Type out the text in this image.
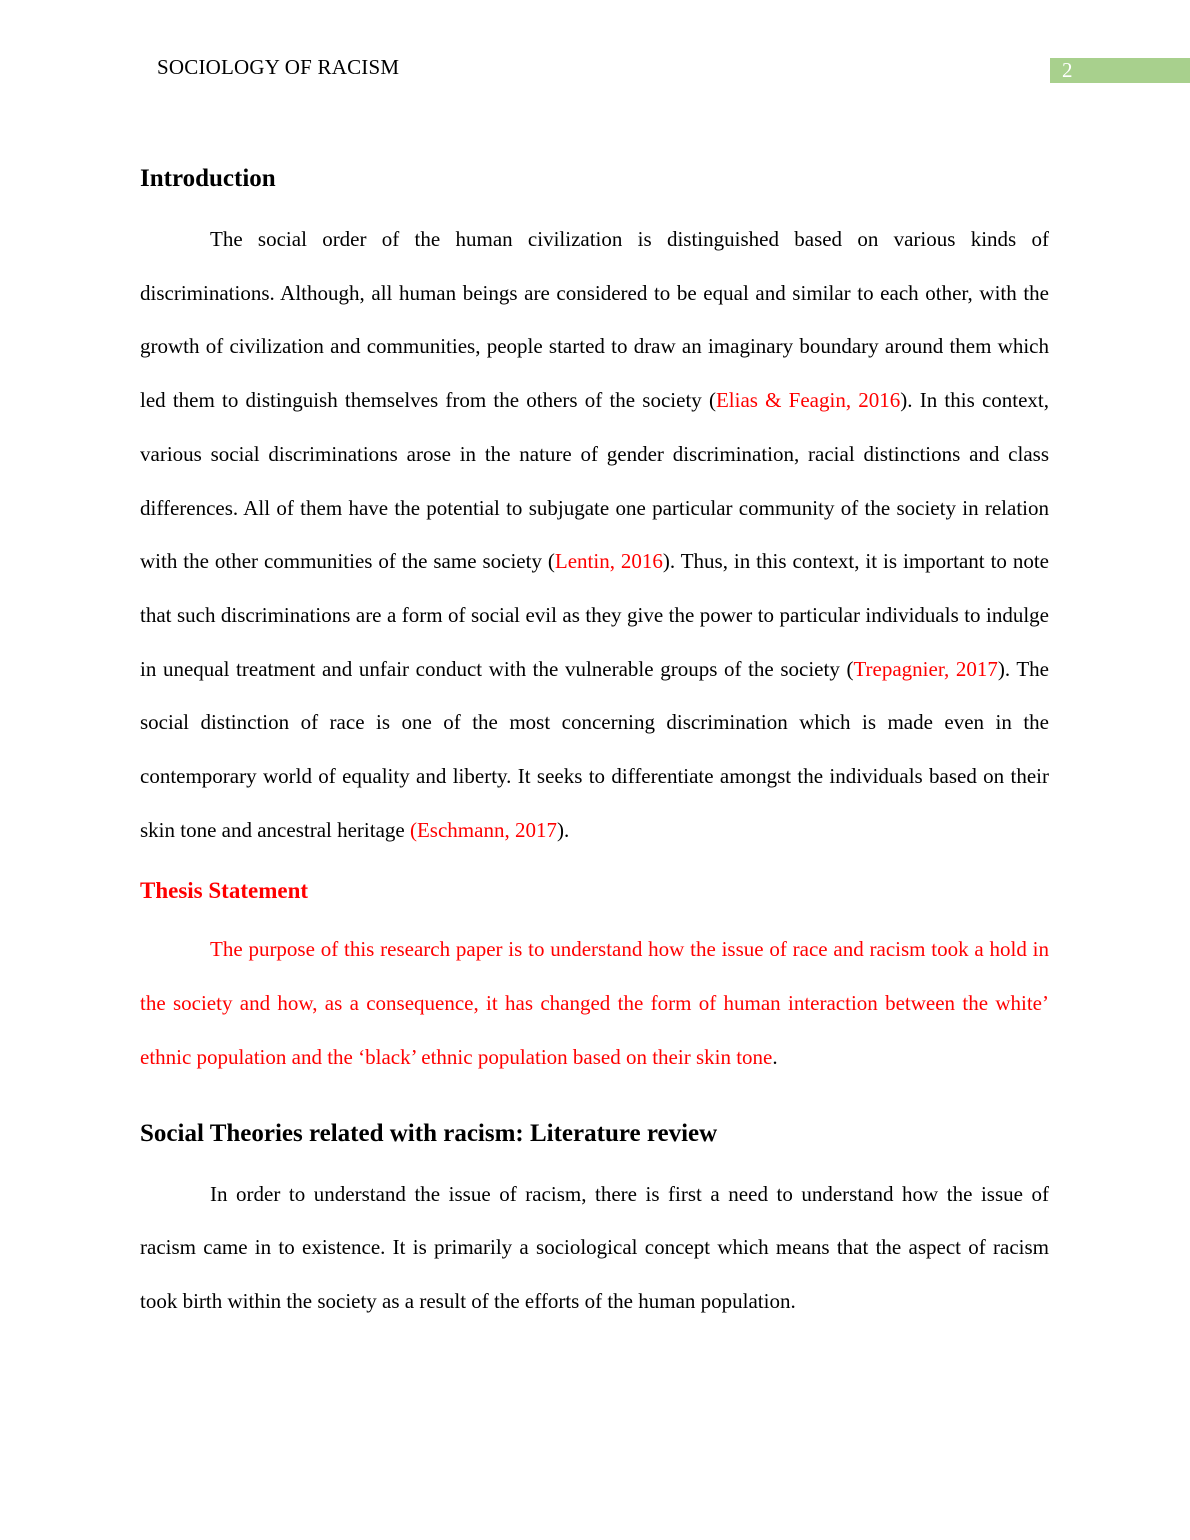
SOCIOLOGY OF RACISM	2
Introduction

The social order of the human civilization is distinguished based on various kinds of discriminations. Although, all human beings are considered to be equal and similar to each other, with the growth of civilization and communities, people started to draw an imaginary boundary around them which led them to distinguish themselves from the others of the society (Elias & Feagin, 2016). In this context, various social discriminations arose in the nature of gender discrimination, racial distinctions and class differences. All of them have the potential to subjugate one particular community of the society in relation with the other communities of the same society (Lentin, 2016). Thus, in this context, it is important to note that such discriminations are a form of social evil as they give the power to particular individuals to indulge in unequal treatment and unfair conduct with the vulnerable groups of the society (Trepagnier, 2017). The social distinction of race is one of the most concerning discrimination which is made even in the contemporary world of equality and liberty. It seeks to differentiate amongst the individuals based on their skin tone and ancestral heritage (Eschmann, 2017).

Thesis Statement

The purpose of this research paper is to understand how the issue of race and racism took a hold in the society and how, as a consequence, it has changed the form of human interaction between the white’ ethnic population and the ‘black’ ethnic population based on their skin tone.

Social Theories related with racism: Literature review

In order to understand the issue of racism, there is first a need to understand how the issue of racism came in to existence. It is primarily a sociological concept which means that the aspect of racism took birth within the society as a result of the efforts of the human population.
